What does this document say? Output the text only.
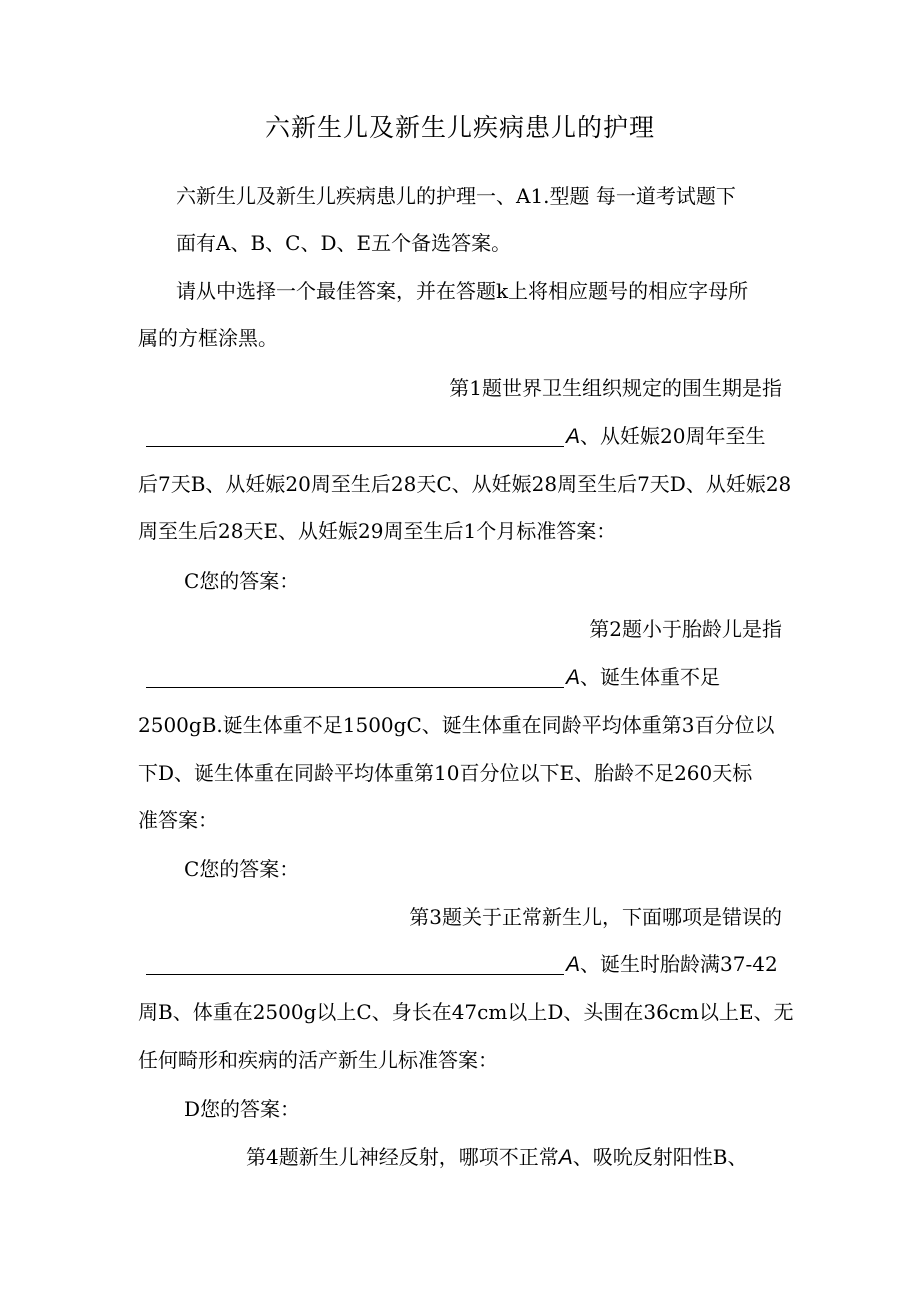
六新生儿及新生儿疾病患儿的护理
六新生儿及新生儿疾病患儿的护理一、A1.型题 每一道考试题下
面有A、B、C、D、E五个备选答案。
请从中选择一个最佳答案，并在答题k上将相应题号的相应字母所
属的方框涂黑。
第1题世界卫生组织规定的围生期是指
A、从妊娠20周年至生
后7天B、从妊娠20周至生后28天C、从妊娠28周至生后7天D、从妊娠28
周至生后28天E、从妊娠29周至生后1个月标准答案：
C您的答案：
第2题小于胎龄儿是指
A、诞生体重不足
2500gB.诞生体重不足1500gC、诞生体重在同龄平均体重第3百分位以
下D、诞生体重在同龄平均体重第10百分位以下E、胎龄不足260天标
准答案：
C您的答案：
第3题关于正常新生儿，下面哪项是错误的
A、诞生时胎龄满37-42
周B、体重在2500g以上C、身长在47cm以上D、头围在36cm以上E、无
任何畸形和疾病的活产新生儿标准答案：
D您的答案：
第4题新生儿神经反射，哪项不正常A、吸吮反射阳性B、
